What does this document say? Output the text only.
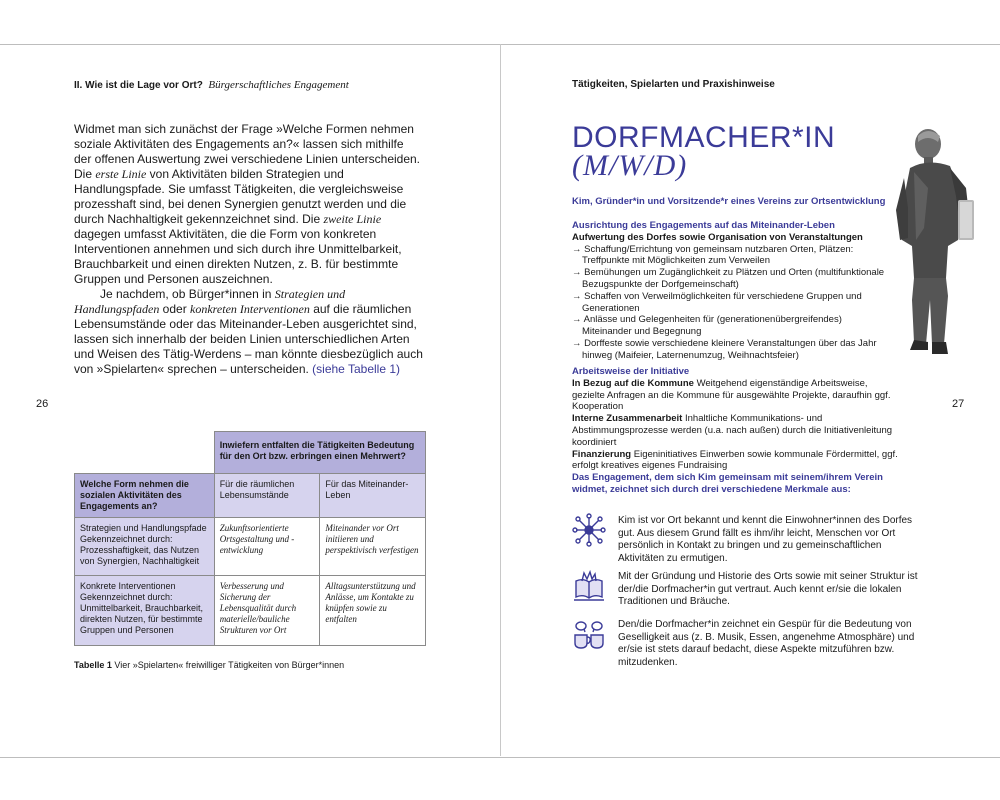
II. Wie ist die Lage vor Ort? Bürgerschaftliches Engagement

Widmet man sich zunächst der Frage »Welche Formen nehmen soziale Aktivitäten des Engagements an?« lassen sich mithilfe der offenen Auswertung zwei verschiedene Linien unterscheiden. Die erste Linie von Aktivitäten bilden Strategien und Handlungspfade. Sie umfasst Tätigkeiten, die vergleichsweise prozesshaft sind, bei denen Synergien genutzt werden und die durch Nachhaltigkeit gekennzeichnet sind. Die zweite Linie dagegen umfasst Aktivitäten, die die Form von konkreten Interventionen annehmen und sich durch ihre Unmittelbarkeit, Brauchbarkeit und einen direkten Nutzen, z. B. für bestimmte Gruppen und Personen auszeichnen.

Je nachdem, ob Bürger*innen in Strategien und Handlungspfaden oder konkreten Interventionen auf die räumlichen Lebensumstände oder das Miteinander-Leben ausgerichtet sind, lassen sich innerhalb der beiden Linien unterschiedlichen Arten und Weisen des Tätig-Werdens – man könnte diesbezüglich auch von »Spielarten« sprechen – unterscheiden. (siehe Tabelle 1)

26
	Inwiefern entfalten die Tätigkeiten Bedeutung für den Ort bzw. erbringen einen Mehrwert?	
Welche Form nehmen die sozialen Aktivitäten des Engagements an?	Für die räumlichen Lebensumstände	Für das Miteinander-Leben
Strategien und Handlungspfade Gekennzeichnet durch: Prozesshaftigkeit, das Nutzen von Synergien, Nachhaltigkeit	Zukunftsorientierte Ortsgestaltung und -entwicklung	Miteinander vor Ort initiieren und perspektivisch verfestigen
Konkrete Interventionen Gekennzeichnet durch: Unmittelbarkeit, Brauchbarkeit, direkten Nutzen, für bestimmte Gruppen und Personen	Verbesserung und Sicherung der Lebensqualität durch materielle/bauliche Strukturen vor Ort	Alltagsunterstützung und Anlässe, um Kontakte zu knüpfen sowie zu entfalten
Tabelle 1 Vier »Spielarten« freiwilliger Tätigkeiten von Bürger*innen
Tätigkeiten, Spielarten und Praxishinweise
DORFMACHER*IN
(M/W/D)
Kim, Gründer*in und Vorsitzende*r eines Vereins zur Ortsentwicklung

Ausrichtung des Engagements auf das Miteinander-Leben

Aufwertung des Dorfes sowie Organisation von Veranstaltungen

→ Schaffung/Errichtung von gemeinsam nutzbaren Orten, Plätzen: Treffpunkte mit Möglichkeiten zum Verweilen

→ Bemühungen um Zugänglichkeit zu Plätzen und Orten (multifunktionale Bezugspunkte der Dorfgemeinschaft)

→ Schaffen von Verweilmöglichkeiten für verschiedene Gruppen und Generationen

→ Anlässe und Gelegenheiten für (generationenübergreifendes) Miteinander und Begegnung

→ Dorffeste sowie verschiedene kleinere Veranstaltungen über das Jahr hinweg (Maifeier, Laternenumzug, Weihnachtsfeier)

Arbeitsweise der Initiative

In Bezug auf die Kommune Weitgehend eigenständige Arbeitsweise, gezielte Anfragen an die Kommune für ausgewählte Projekte, daraufhin ggf. Kooperation

Interne Zusammenarbeit Inhaltliche Kommunikations- und Abstimmungsprozesse werden (u.a. nach außen) durch die Initiativenleitung koordiniert

Finanzierung Eigeninitiatives Einwerben sowie kommunale Fördermittel, ggf. erfolgt kreatives eigenes Fundraising

27
Das Engagement, dem sich Kim gemeinsam mit seinem/ihrem Verein widmet, zeichnet sich durch drei verschiedene Merkmale aus:
Kim ist vor Ort bekannt und kennt die Einwohner*innen des Dorfes gut. Aus diesem Grund fällt es ihm/ihr leicht, Menschen vor Ort persönlich in Kontakt zu bringen und zu gemeinschaftlichen Aktivitäten zu ermutigen.
Mit der Gründung und Historie des Orts sowie mit seiner Struktur ist der/die Dorfmacher*in gut vertraut. Auch kennt er/sie die lokalen Traditionen und Bräuche.
Den/die Dorfmacher*in zeichnet ein Gespür für die Bedeutung von Geselligkeit aus (z. B. Musik, Essen, angenehme Atmosphäre) und er/sie ist stets darauf bedacht, diese Aspekte mitzuführen bzw. mitzudenken.
